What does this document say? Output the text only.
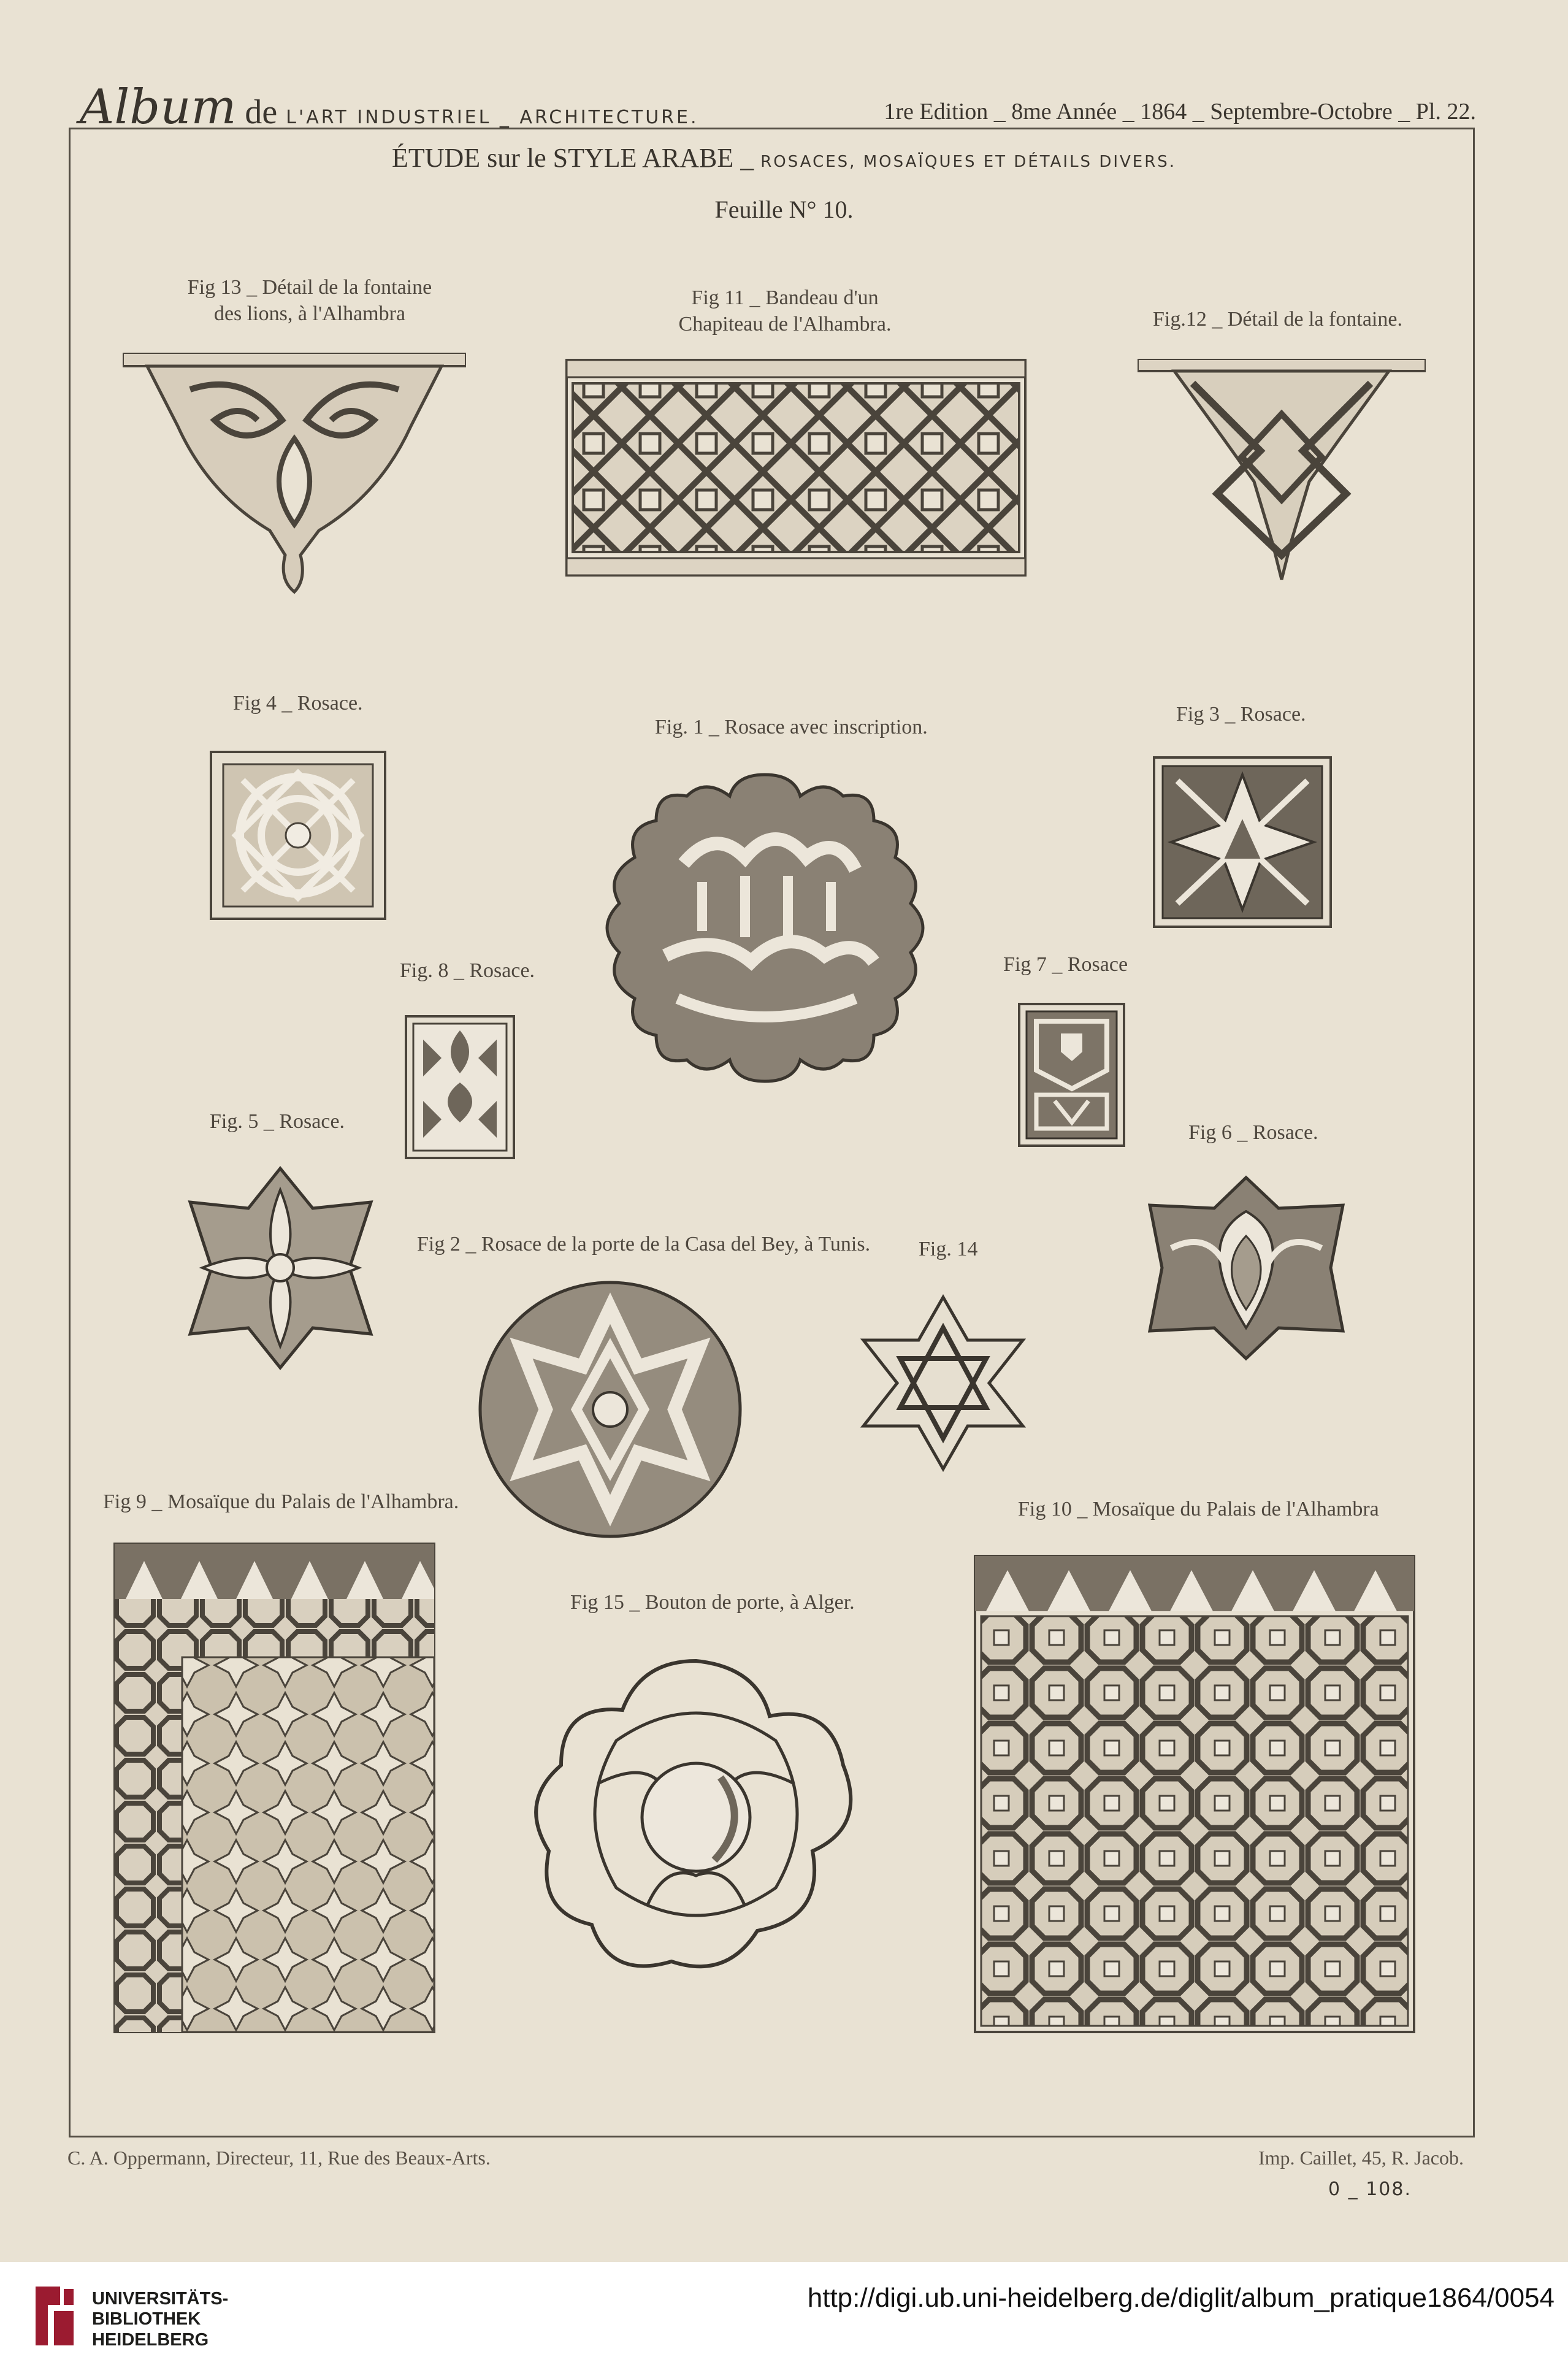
Album de L'ART INDUSTRIEL _ ARCHITECTURE.	1re Edition _ 8me Année _ 1864 _ Septembre-Octobre _ Pl. 22.
ÉTUDE sur le STYLE ARABE _ ROSACES, MOSAÏQUES ET DÉTAILS DIVERS.
Feuille N° 10.
Fig 13 _ Détail de la fontaine des lions, à l'Alhambra
Fig 11 _ Bandeau d'un Chapiteau de l'Alhambra.	Fig.12 _ Détail de la fontaine.
Fig 4 _ Rosace.
Fig. 1 _ Rosace avec inscription.
Fig 3 _ Rosace.
Fig. 8 _ Rosace.	Fig 7 _ Rosace
Fig. 5 _ Rosace.	Fig 6 _ Rosace.
Fig 2 _ Rosace de la porte de la Casa del Bey, à Tunis. Fig. 14
Fig 9 _ Mosaïque du Palais de l'Alhambra.	Fig 10 _ Mosaïque du Palais de l'Alhambra
Fig 15 _ Bouton de porte, à Alger.
C. A. Oppermann, Directeur, 11, Rue des Beaux-Arts.	Imp. Caillet, 45, R. Jacob.
0 _ 108.
UNIVERSITÄTS-
BIBLIOTHEK
HEIDELBERG
http://digi.ub.uni-heidelberg.de/diglit/album_pratique1864/0054
